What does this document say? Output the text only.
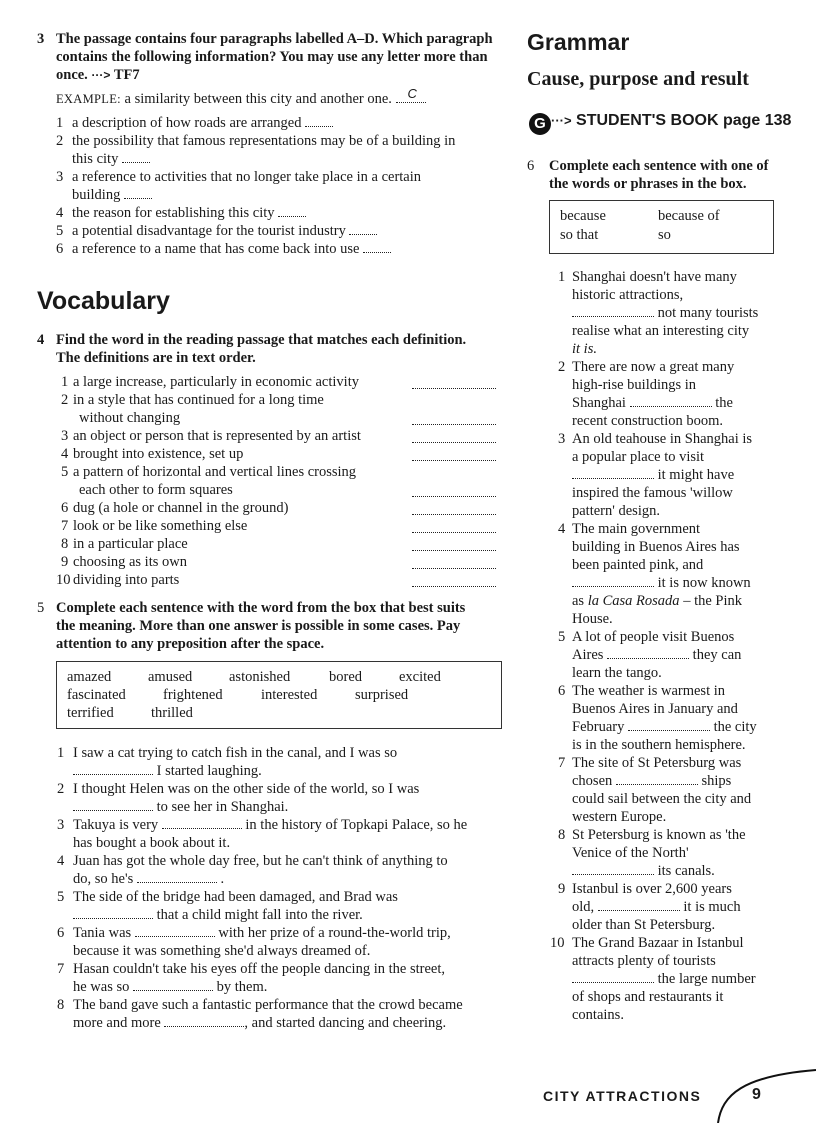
3 The passage contains four paragraphs labelled A–D. Which paragraph
contains the following information? You may use any letter more than
once. ···> TF7
EXAMPLE: a similarity between this city and another one. C
1 a description of how roads are arranged
2 the possibility that famous representations may be of a building in
this city
3 a reference to activities that no longer take place in a certain
building
4 the reason for establishing this city
5 a potential disadvantage for the tourist industry
6 a reference to a name that has come back into use
Vocabulary
4 Find the word in the reading passage that matches each definition.
The definitions are in text order.
1 a large increase, particularly in economic activity
2 in a style that has continued for a long time
without changing
3 an object or person that is represented by an artist
4 brought into existence, set up
5 a pattern of horizontal and vertical lines crossing
each other to form squares
6 dug (a hole or channel in the ground)
7 look or be like something else
8 in a particular place
9 choosing as its own
10 dividing into parts
5 Complete each sentence with the word from the box that best suits
the meaning. More than one answer is possible in some cases. Pay
attention to any preposition after the space.
amazed	amused	astonished	bored	excited
fascinated	frightened	interested	surprised
terrified	thrilled
1 I saw a cat trying to catch fish in the canal, and I was so
I started laughing.
2 I thought Helen was on the other side of the world, so I was
to see her in Shanghai.
3 Takuya is very	in the history of Topkapi Palace, so he
has bought a book about it.
4 Juan has got the whole day free, but he can't think of anything to
do, so he's	.
5 The side of the bridge had been damaged, and Brad was
that a child might fall into the river.
6 Tania was	with her prize of a round-the-world trip,
because it was something she'd always dreamed of.
7 Hasan couldn't take his eyes off the people dancing in the street,
he was so	by them.
8 The band gave such a fantastic performance that the crowd became
more and more	, and started dancing and cheering.
Grammar
Cause, purpose and result
G ···> STUDENT'S BOOK page 138
6	Complete each sentence with one of
the words or phrases in the box.
because	because of
so that	so
1 Shanghai doesn't have many
historic attractions,
not many tourists
realise what an interesting city
it is.
2 There are now a great many
high-rise buildings in
Shanghai	the
recent construction boom.
3 An old teahouse in Shanghai is
a popular place to visit
it might have
inspired the famous 'willow
pattern' design.
4 The main government
building in Buenos Aires has
been painted pink, and
it is now known
as la Casa Rosada – the Pink
House.
5 A lot of people visit Buenos
Aires	they can
learn the tango.
6 The weather is warmest in
Buenos Aires in January and
February	the city
is in the southern hemisphere.
7 The site of St Petersburg was
chosen	ships
could sail between the city and
western Europe.
8 St Petersburg is known as 'the
Venice of the North'
its canals.
9 Istanbul is over 2,600 years
old,	it is much
older than St Petersburg.
10 The Grand Bazaar in Istanbul
attracts plenty of tourists
the large number
of shops and restaurants it
contains.
CITY ATTRACTIONS	9
